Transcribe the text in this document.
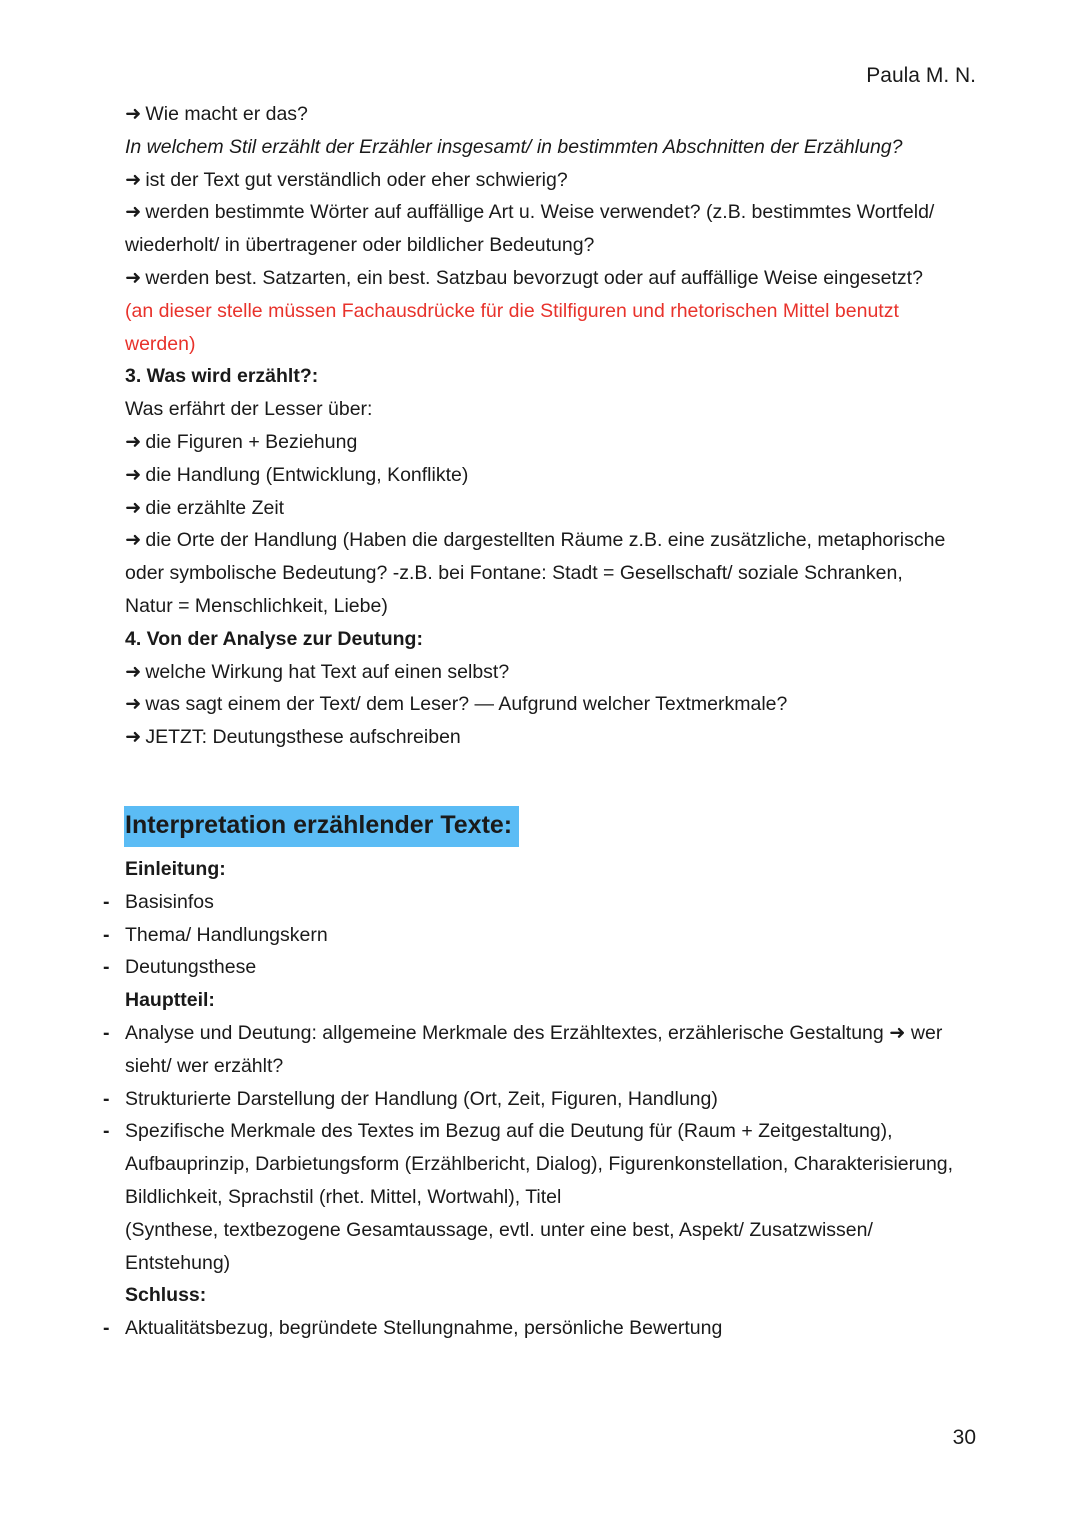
Paula M. N.
➜ Wie macht er das?
In welchem Stil erzählt der Erzähler insgesamt/ in bestimmten Abschnitten der Erzählung?
➜ ist der Text gut verständlich oder eher schwierig?
➜ werden bestimmte Wörter auf auffällige Art u. Weise verwendet? (z.B. bestimmtes Wortfeld/
wiederholt/ in übertragener oder bildlicher Bedeutung?
➜ werden best. Satzarten, ein best. Satzbau bevorzugt oder auf auffällige Weise eingesetzt?
(an dieser stelle müssen Fachausdrücke für die Stilfiguren und rhetorischen Mittel benutzt
werden)
3. Was wird erzählt?:
Was erfährt der Lesser über:
➜ die Figuren + Beziehung
➜ die Handlung (Entwicklung, Konflikte)
➜ die erzählte Zeit
➜ die Orte der Handlung (Haben die dargestellten Räume z.B. eine zusätzliche, metaphorische
oder symbolische Bedeutung? -z.B. bei Fontane: Stadt = Gesellschaft/ soziale Schranken,
Natur = Menschlichkeit, Liebe)
4. Von der Analyse zur Deutung:
➜ welche Wirkung hat Text auf einen selbst?
➜ was sagt einem der Text/ dem Leser? — Aufgrund welcher Textmerkmale?
➜ JETZT: Deutungsthese aufschreiben
Interpretation erzählender Texte:
Einleitung:
- Basisinfos
- Thema/ Handlungskern
- Deutungsthese
Hauptteil:
- Analyse und Deutung: allgemeine Merkmale des Erzähltextes, erzählerische Gestaltung ➜ wer
sieht/ wer erzählt?
- Strukturierte Darstellung der Handlung (Ort, Zeit, Figuren, Handlung)
- Spezifische Merkmale des Textes im Bezug auf die Deutung für (Raum + Zeitgestaltung),
Aufbauprinzip, Darbietungsform (Erzählbericht, Dialog), Figurenkonstellation, Charakterisierung,
Bildlichkeit, Sprachstil (rhet. Mittel, Wortwahl), Titel
(Synthese, textbezogene Gesamtaussage, evtl. unter eine best, Aspekt/ Zusatzwissen/
Entstehung)
Schluss:
- Aktualitätsbezug, begründete Stellungnahme, persönliche Bewertung
30
